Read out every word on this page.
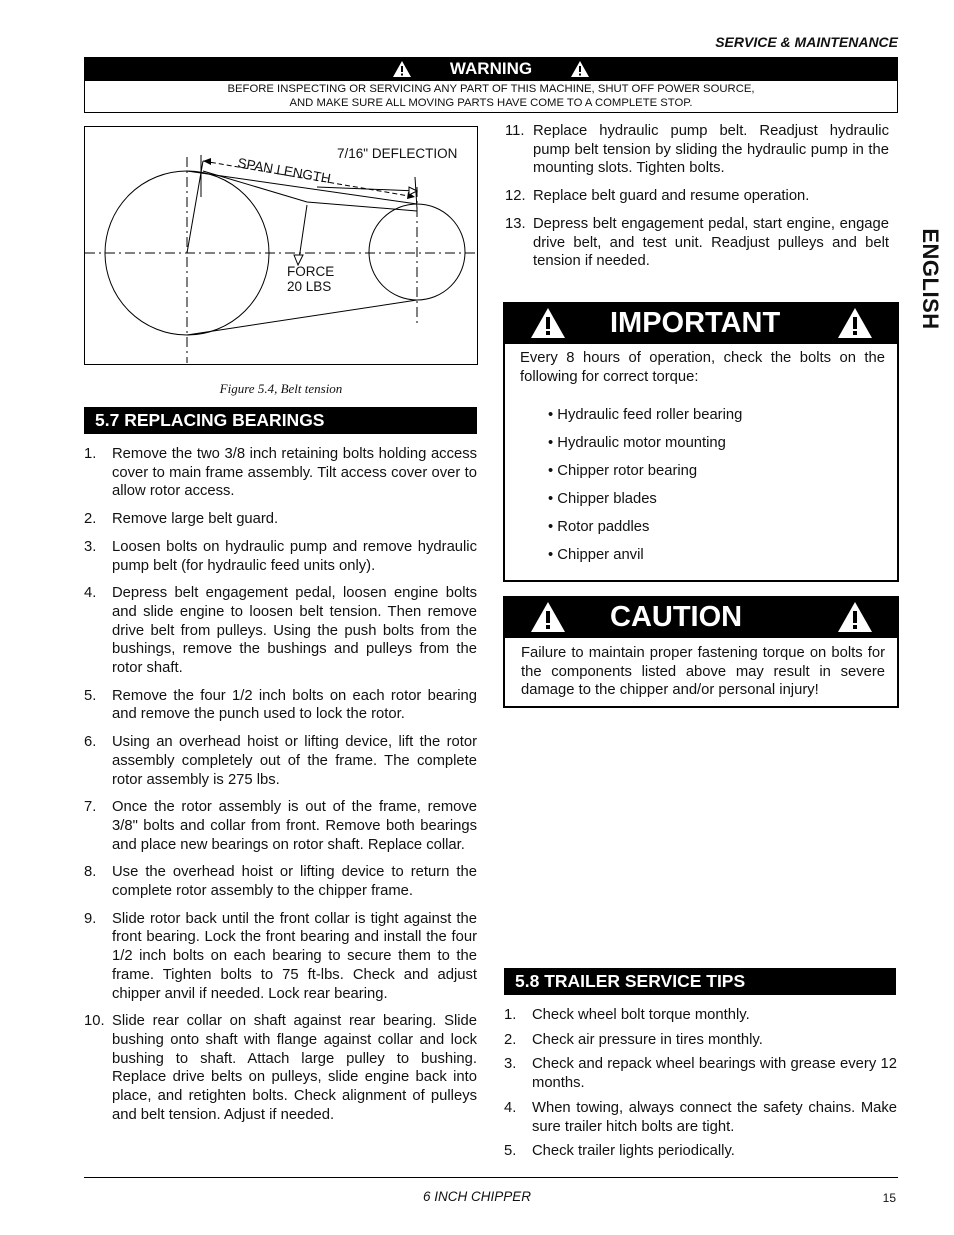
SERVICE & MAINTENANCE
WARNING
BEFORE INSPECTING OR SERVICING ANY PART OF THIS MACHINE, SHUT OFF POWER SOURCE,
AND MAKE SURE ALL MOVING PARTS HAVE COME TO A COMPLETE STOP.
7/16" DEFLECTION
SPAN LENGTH
FORCE
20 LBS
Figure 5.4, Belt tension
5.7 REPLACING BEARINGS
1. Remove the two 3/8 inch retaining bolts holding access cover to main frame assembly. Tilt access cover over to allow rotor access.
2. Remove large belt guard.
3. Loosen bolts on hydraulic pump and remove hydraulic pump belt (for hydraulic feed units only).
4. Depress belt engagement pedal, loosen engine bolts and slide engine to loosen belt tension. Then remove drive belt from pulleys. Using the push bolts from the bushings, remove the bushings and pulleys from the rotor shaft.
5. Remove the four 1/2 inch bolts on each rotor bearing and remove the punch used to lock the rotor.
6. Using an overhead hoist or lifting device, lift the rotor assembly completely out of the frame. The complete rotor assembly is 275 lbs.
7. Once the rotor assembly is out of the frame, remove 3/8" bolts and collar from front. Remove both bearings and place new bearings on rotor shaft. Replace collar.
8. Use the overhead hoist or lifting device to return the complete rotor assembly to the chipper frame.
9. Slide rotor back until the front collar is tight against the front bearing. Lock the front bearing and install the four 1/2 inch bolts on each bearing to secure them to the frame. Tighten bolts to 75 ft-lbs. Check and adjust chipper anvil if needed. Lock rear bearing.
10. Slide rear collar on shaft against rear bearing. Slide bushing onto shaft with flange against collar and lock bushing to shaft. Attach large pulley to bushing. Replace drive belts on pulleys, slide engine back into place, and retighten bolts. Check alignment of pulleys and belt tension. Adjust if needed.
11. Replace hydraulic pump belt. Readjust hydraulic pump belt tension by sliding the hydraulic pump in the mounting slots. Tighten bolts.
12. Replace belt guard and resume operation.
13. Depress belt engagement pedal, start engine, engage drive belt, and test unit. Readjust pulleys and belt tension if needed.
IMPORTANT
Every 8 hours of operation, check the bolts on the following for correct torque:
• Hydraulic feed roller bearing
• Hydraulic motor mounting
• Chipper rotor bearing
• Chipper blades
• Rotor paddles
• Chipper anvil
CAUTION
Failure to maintain proper fastening torque on bolts for the components listed above may result in severe damage to the chipper and/or personal injury!
5.8 TRAILER SERVICE TIPS
1. Check wheel bolt torque monthly.
2. Check air pressure in tires monthly.
3. Check and repack wheel bearings with grease every 12 months.
4. When towing, always connect the safety chains. Make sure trailer hitch bolts are tight.
5. Check trailer lights periodically.
ENGLISH
6 INCH CHIPPER	15
